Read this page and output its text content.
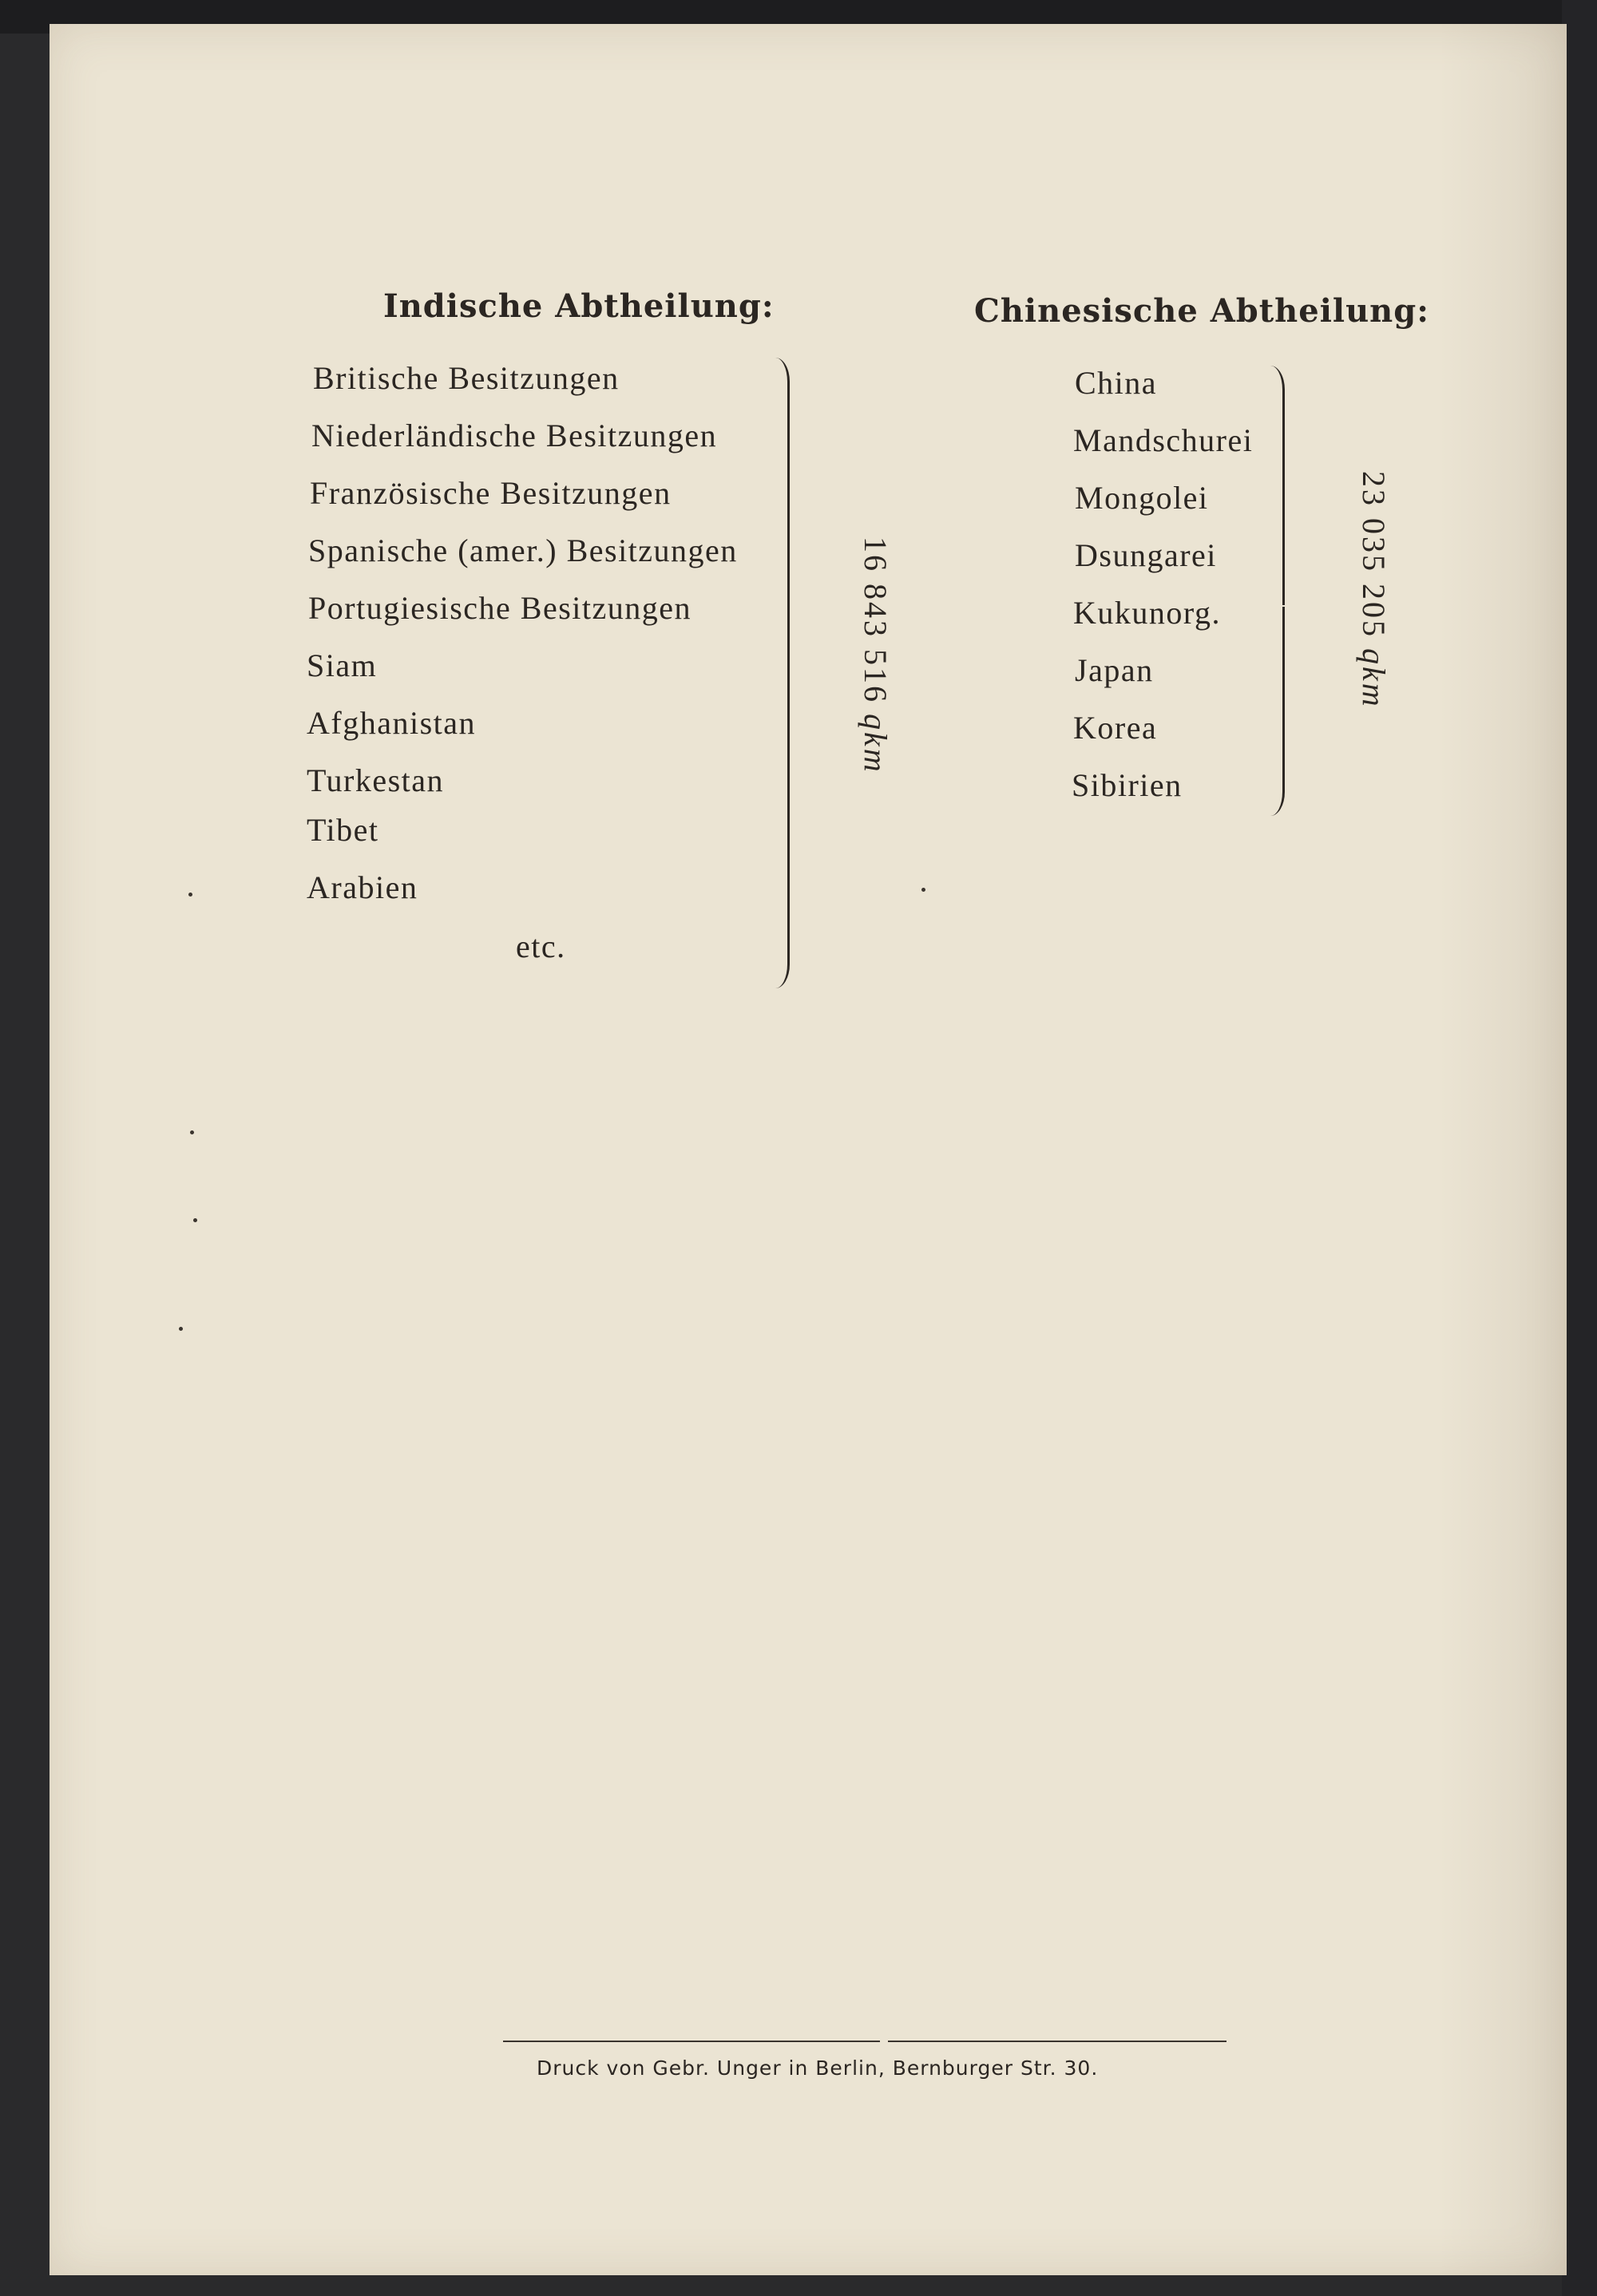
Indische Abtheilung:
Britische Besitzungen
Niederländische Besitzungen
Französische Besitzungen
Spanische (amer.) Besitzungen
Portugiesische Besitzungen
Siam
Afghanistan
Turkestan
Tibet
Arabien
etc.
16 843 516qkm
Chinesische Abtheilung:
China
Mandschurei
Mongolei
Dsungarei
Kukunorg.
Japan
Korea
Sibirien
23 035 205qkm
Druck von Gebr. Unger in Berlin, Bernburger Str. 30.
